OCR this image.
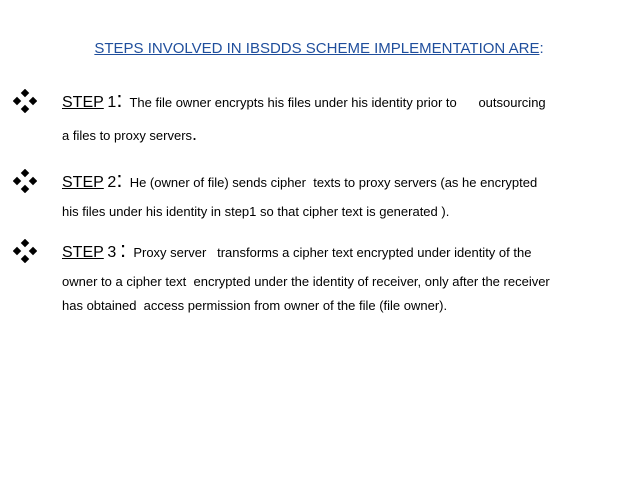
STEPS INVOLVED IN IBSDDS SCHEME IMPLEMENTATION ARE:
STEP 1: The file owner encrypts his files under his identity prior to      outsourcing
a files to proxy servers.
STEP 2: He (owner of file) sends cipher  texts to proxy servers (as he encrypted
his files under his identity in step1 so that cipher text is generated ).
STEP 3 : Proxy server   transforms a cipher text encrypted under identity of the
owner to a cipher text  encrypted under the identity of receiver, only after the receiver
has obtained  access permission from owner of the file (file owner).
